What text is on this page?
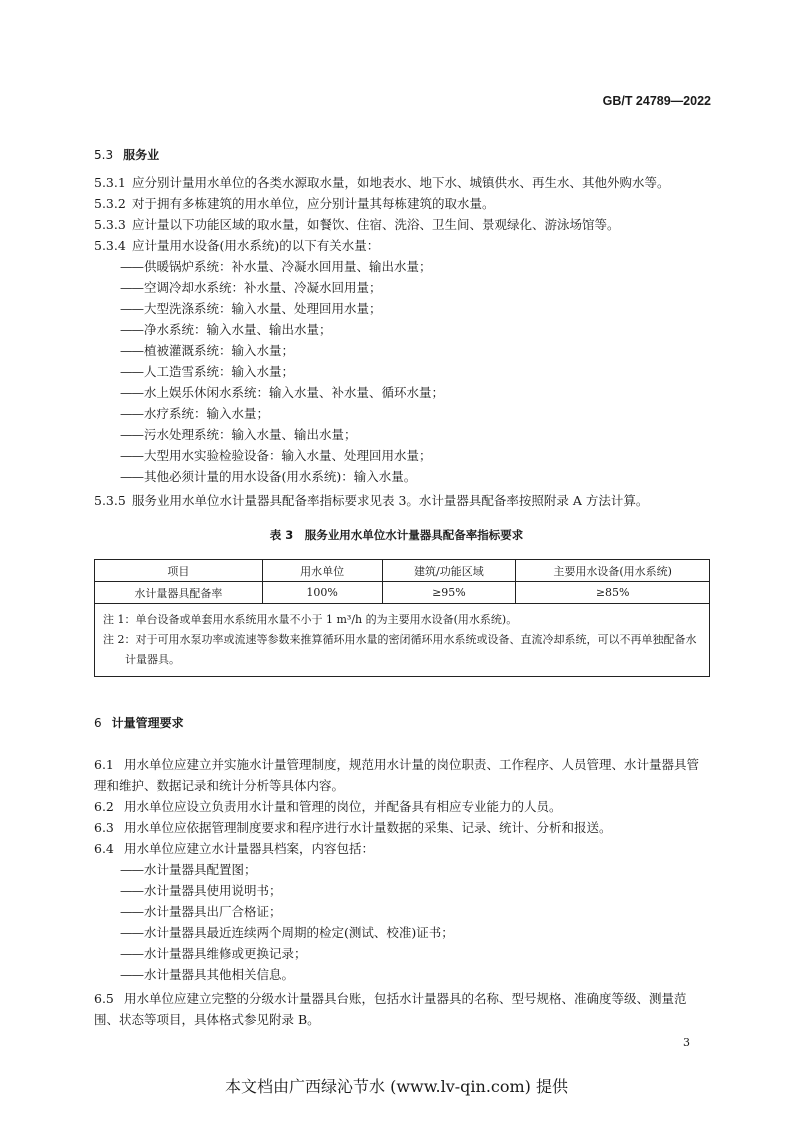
GB/T 24789—2022
5.3 服务业
5.3.1 应分别计量用水单位的各类水源取水量，如地表水、地下水、城镇供水、再生水、其他外购水等。
5.3.2 对于拥有多栋建筑的用水单位，应分别计量其每栋建筑的取水量。
5.3.3 应计量以下功能区域的取水量，如餐饮、住宿、洗浴、卫生间、景观绿化、游泳场馆等。
5.3.4 应计量用水设备(用水系统)的以下有关水量：
—— 供暖锅炉系统：补水量、冷凝水回用量、输出水量；
—— 空调冷却水系统：补水量、冷凝水回用量；
—— 大型洗涤系统：输入水量、处理回用水量；
—— 净水系统：输入水量、输出水量；
—— 植被灌溉系统：输入水量；
—— 人工造雪系统：输入水量；
—— 水上娱乐休闲水系统：输入水量、补水量、循环水量；
—— 水疗系统：输入水量；
—— 污水处理系统：输入水量、输出水量；
—— 大型用水实验检验设备：输入水量、处理回用水量；
—— 其他必须计量的用水设备(用水系统)：输入水量。
5.3.5 服务业用水单位水计量器具配备率指标要求见表 3。水计量器具配备率按照附录 A 方法计算。
表 3　服务业用水单位水计量器具配备率指标要求
项目	用水单位	建筑/功能区域	主要用水设备(用水系统)
水计量器具配备率	100%	≥95%	≥85%

注 1：单台设备或单套用水系统用水量不小于 1 m³/h 的为主要用水设备(用水系统)。
注 2：对于可用水泵功率或流速等参数来推算循环用水量的密闭循环用水系统或设备、直流冷却系统，可以不再单独配备水计量器具。			
6 计量管理要求
6.1 用水单位应建立并实施水计量管理制度，规范用水计量的岗位职责、工作程序、人员管理、水计量器具管理和维护、数据记录和统计分析等具体内容。
6.2 用水单位应设立负责用水计量和管理的岗位，并配备具有相应专业能力的人员。
6.3 用水单位应依据管理制度要求和程序进行水计量数据的采集、记录、统计、分析和报送。
6.4 用水单位应建立水计量器具档案，内容包括：
—— 水计量器具配置图；
—— 水计量器具使用说明书；
—— 水计量器具出厂合格证；
—— 水计量器具最近连续两个周期的检定(测试、校准)证书；
—— 水计量器具维修或更换记录；
—— 水计量器具其他相关信息。
6.5 用水单位应建立完整的分级水计量器具台账，包括水计量器具的名称、型号规格、准确度等级、测量范围、状态等项目，具体格式参见附录 B。
3
本文档由广西绿沁节水 (www.lv-qin.com) 提供
